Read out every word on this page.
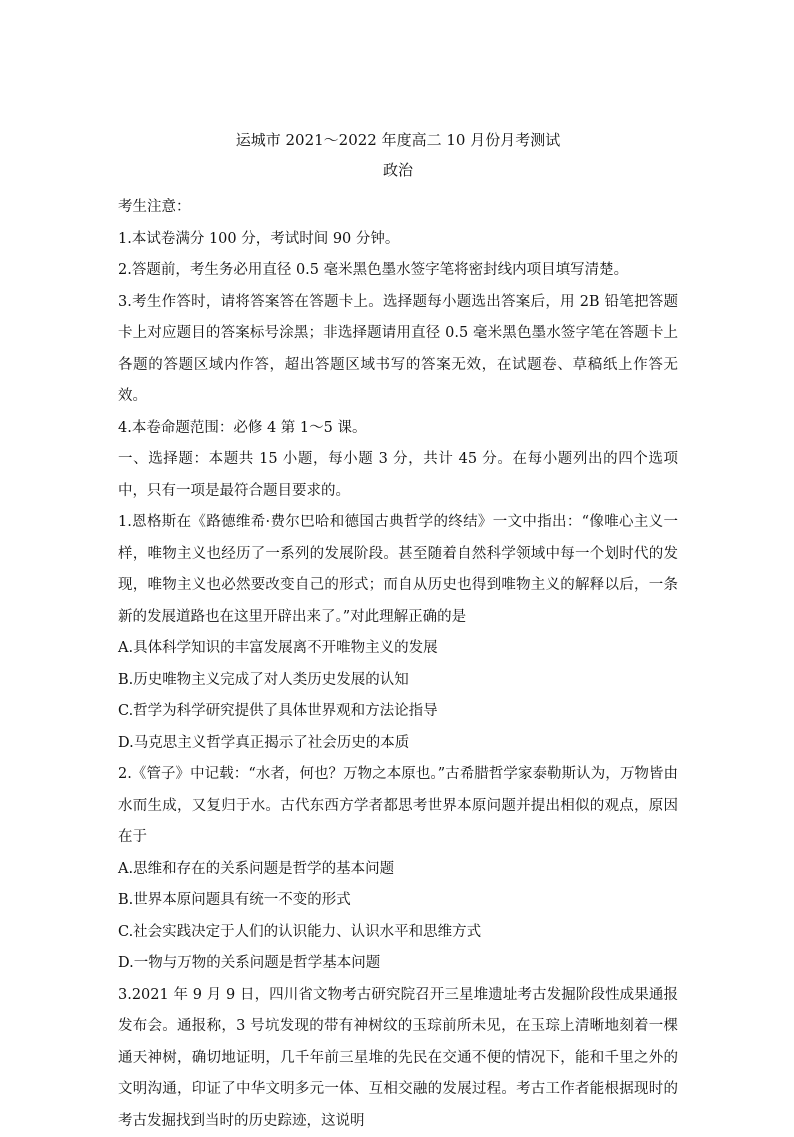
运城市 2021～2022 年度高二 10 月份月考测试

政治

考生注意：

1.本试卷满分 100 分，考试时间 90 分钟。

2.答题前，考生务必用直径 0.5 毫米黑色墨水签字笔将密封线内项目填写清楚。

3.考生作答时，请将答案答在答题卡上。选择题每小题选出答案后，用 2B 铅笔把答题卡上对应题目的答案标号涂黑；非选择题请用直径 0.5 毫米黑色墨水签字笔在答题卡上各题的答题区域内作答，超出答题区域书写的答案无效，在试题卷、草稿纸上作答无效。

4.本卷命题范围：必修 4 第 1～5 课。

一、选择题：本题共 15 小题，每小题 3 分，共计 45 分。在每小题列出的四个选项中，只有一项是最符合题目要求的。

1.恩格斯在《路德维希·费尔巴哈和德国古典哲学的终结》一文中指出：“像唯心主义一样，唯物主义也经历了一系列的发展阶段。甚至随着自然科学领域中每一个划时代的发现，唯物主义也必然要改变自己的形式；而自从历史也得到唯物主义的解释以后，一条新的发展道路也在这里开辟出来了。”对此理解正确的是

A.具体科学知识的丰富发展离不开唯物主义的发展

B.历史唯物主义完成了对人类历史发展的认知

C.哲学为科学研究提供了具体世界观和方法论指导

D.马克思主义哲学真正揭示了社会历史的本质

2.《管子》中记载：“水者，何也？万物之本原也。”古希腊哲学家泰勒斯认为，万物皆由水而生成，又复归于水。古代东西方学者都思考世界本原问题并提出相似的观点，原因在于

A.思维和存在的关系问题是哲学的基本问题

B.世界本原问题具有统一不变的形式

C.社会实践决定于人们的认识能力、认识水平和思维方式

D.一物与万物的关系问题是哲学基本问题

3.2021 年 9 月 9 日，四川省文物考古研究院召开三星堆遗址考古发掘阶段性成果通报发布会。通报称，3 号坑发现的带有神树纹的玉琮前所未见，在玉琮上清晰地刻着一棵通天神树，确切地证明，几千年前三星堆的先民在交通不便的情况下，能和千里之外的文明沟通，印证了中华文明多元一体、互相交融的发展过程。考古工作者能根据现时的考古发掘找到当时的历史踪迹，这说明
